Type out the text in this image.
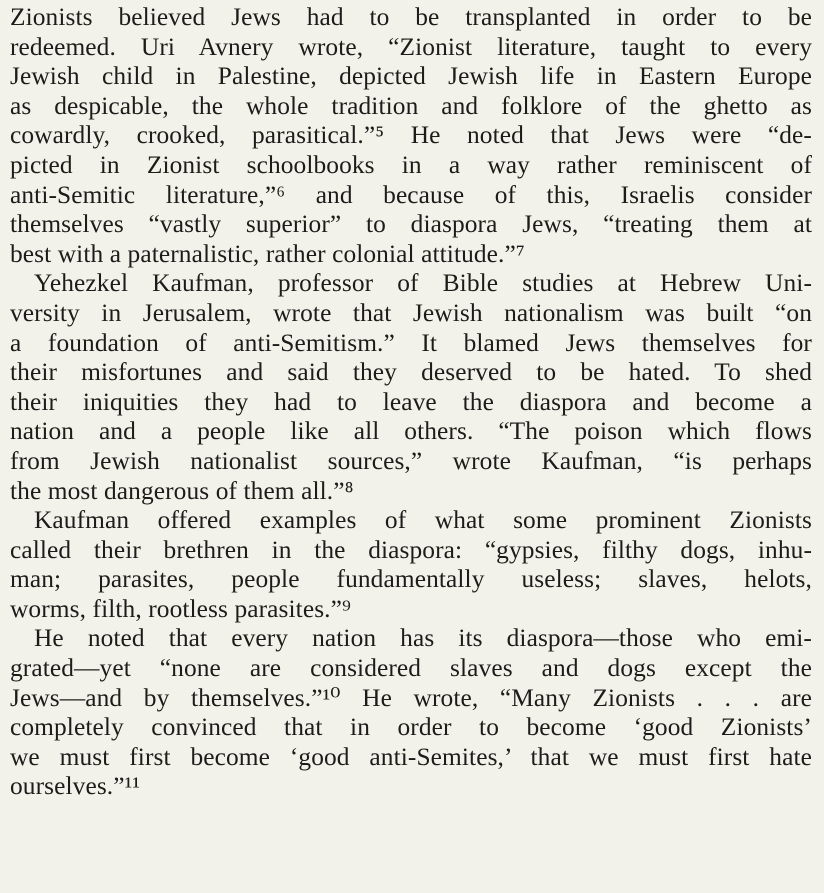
Zionists believed Jews had to be transplanted in order to be
redeemed. Uri Avnery wrote, “Zionist literature, taught to every
Jewish child in Palestine, depicted Jewish life in Eastern Europe
as despicable, the whole tradition and folklore of the ghetto as
cowardly, crooked, parasitical.”⁵ He noted that Jews were “de-
picted in Zionist schoolbooks in a way rather reminiscent of
anti-Semitic literature,”⁶ and because of this, Israelis consider
themselves “vastly superior” to diaspora Jews, “treating them at
best with a paternalistic, rather colonial attitude.”⁷
Yehezkel Kaufman, professor of Bible studies at Hebrew Uni-
versity in Jerusalem, wrote that Jewish nationalism was built “on
a foundation of anti-Semitism.” It blamed Jews themselves for
their misfortunes and said they deserved to be hated. To shed
their iniquities they had to leave the diaspora and become a
nation and a people like all others. “The poison which flows
from Jewish nationalist sources,” wrote Kaufman, “is perhaps
the most dangerous of them all.”⁸
Kaufman offered examples of what some prominent Zionists
called their brethren in the diaspora: “gypsies, filthy dogs, inhu-
man; parasites, people fundamentally useless; slaves, helots,
worms, filth, rootless parasites.”⁹
He noted that every nation has its diaspora—those who emi-
grated—yet “none are considered slaves and dogs except the
Jews—and by themselves.”¹⁰ He wrote, “Many Zionists . . . are
completely convinced that in order to become ‘good Zionists’
we must first become ‘good anti-Semites,’ that we must first hate
ourselves.”¹¹
